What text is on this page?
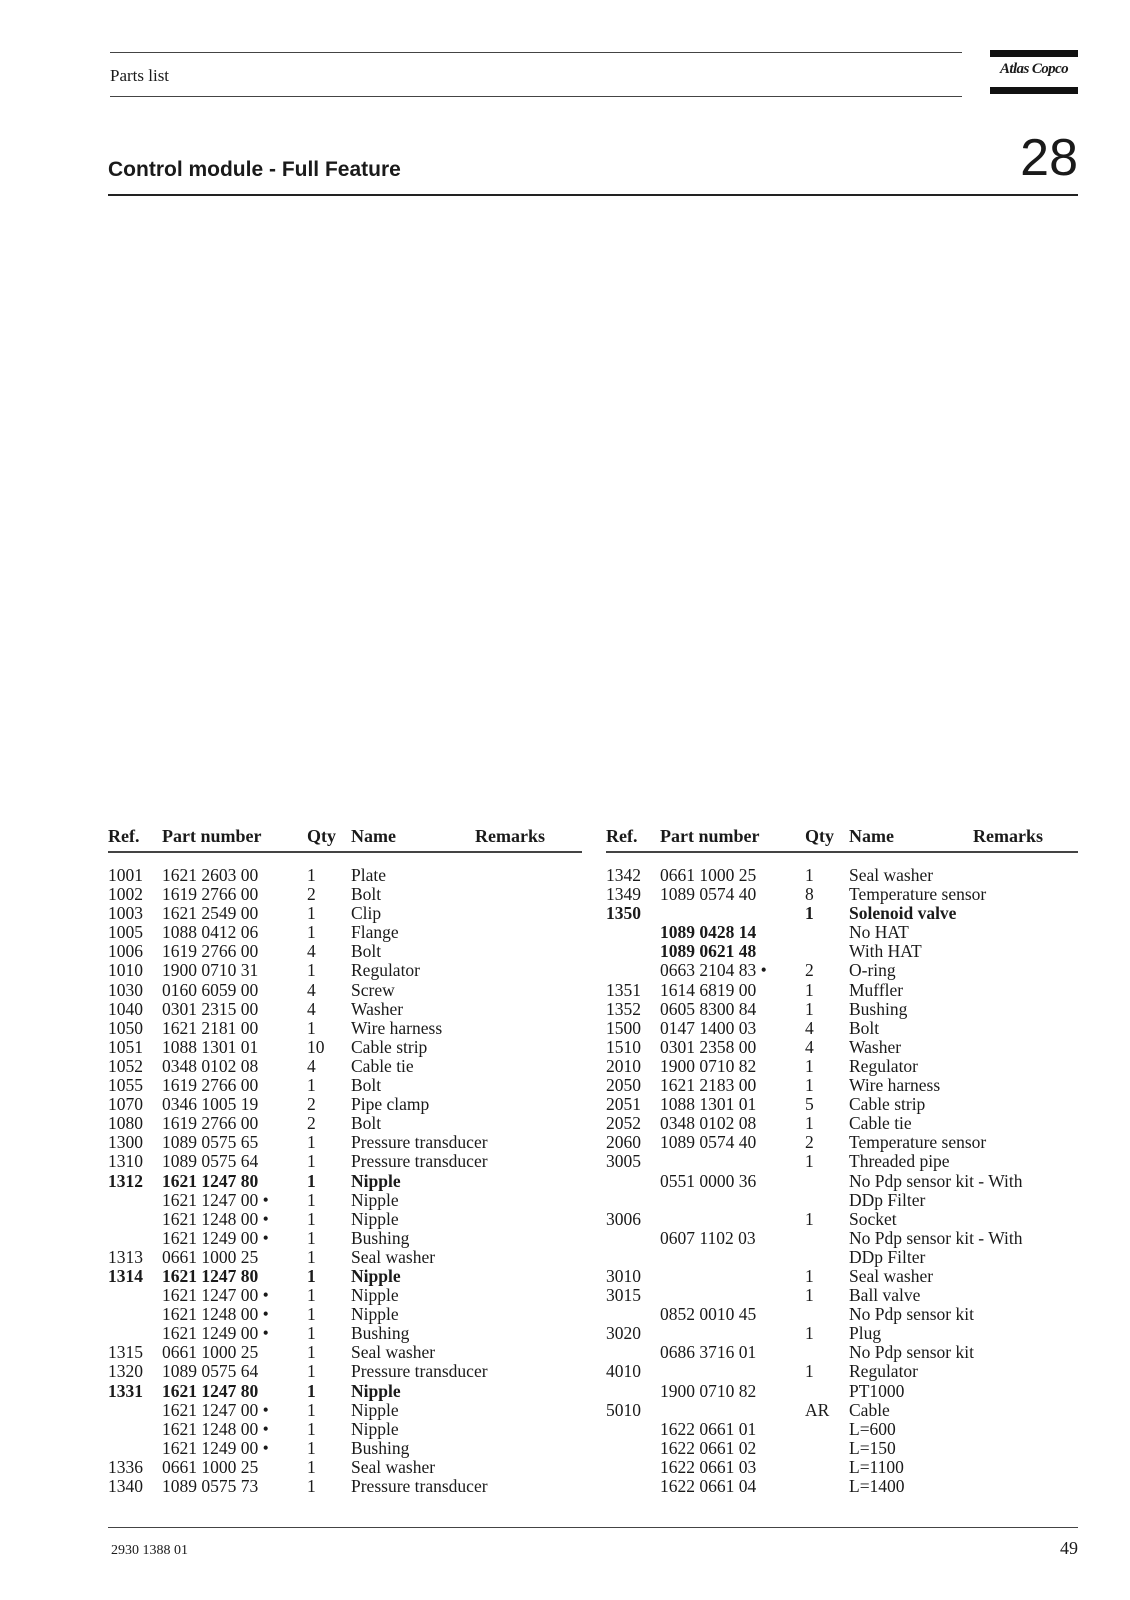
Parts list	Atlas Copco
Control module - Full Feature	28
Ref. Part number	Qty Name	Remarks
1001 1621 2603 00	1 Plate
1002 1619 2766 00	2 Bolt
1003 1621 2549 00	1 Clip
1005 1088 0412 06	1 Flange
1006 1619 2766 00	4 Bolt
1010 1900 0710 31	1 Regulator
1030 0160 6059 00	4 Screw
1040 0301 2315 00	4 Washer
1050 1621 2181 00	1 Wire harness
1051 1088 1301 01	10 Cable strip
1052 0348 0102 08	4 Cable tie
1055 1619 2766 00	1 Bolt
1070 0346 1005 19	2 Pipe clamp
1080 1619 2766 00	2 Bolt
1300 1089 0575 65	1 Pressure transducer
1310 1089 0575 64	1 Pressure transducer
1312 1621 1247 80	1 Nipple
1621 1247 00 • 1 Nipple
1621 1248 00 • 1 Nipple
1621 1249 00 • 1 Bushing
1313 0661 1000 25	1 Seal washer
1314 1621 1247 80	1 Nipple
1621 1247 00 • 1 Nipple
1621 1248 00 • 1 Nipple
1621 1249 00 • 1 Bushing
1315 0661 1000 25	1 Seal washer
1320 1089 0575 64	1 Pressure transducer
1331 1621 1247 80	1 Nipple
1621 1247 00 • 1 Nipple
1621 1248 00 • 1 Nipple
1621 1249 00 • 1 Bushing
1336 0661 1000 25	1 Seal washer
1340 1089 0575 73	1 Pressure transducer
Ref. Part number	Qty Name	Remarks
1342 0661 1000 25	1 Seal washer
1349 1089 0574 40	8 Temperature sensor
1350	1 Solenoid valve
1089 0428 14	No HAT
1089 0621 48	With HAT
0663 2104 83 • 2 O-ring
1351 1614 6819 00	1 Muffler
1352 0605 8300 84	1 Bushing
1500 0147 1400 03	4 Bolt
1510 0301 2358 00	4 Washer
2010 1900 0710 82	1 Regulator
2050 1621 2183 00	1 Wire harness
2051 1088 1301 01	5 Cable strip
2052 0348 0102 08	1 Cable tie
2060 1089 0574 40	2 Temperature sensor
3005	1 Threaded pipe
0551 0000 36	No Pdp sensor kit - With
DDp Filter
3006	1 Socket
0607 1102 03	No Pdp sensor kit - With
DDp Filter
3010	1 Seal washer
3015	1 Ball valve
0852 0010 45	No Pdp sensor kit
3020	1 Plug
0686 3716 01	No Pdp sensor kit
4010	1 Regulator
1900 0710 82	PT1000
5010	AR Cable
1622 0661 01	L=600
1622 0661 02	L=150
1622 0661 03	L=1100
1622 0661 04	L=1400
2930 1388 01	49
